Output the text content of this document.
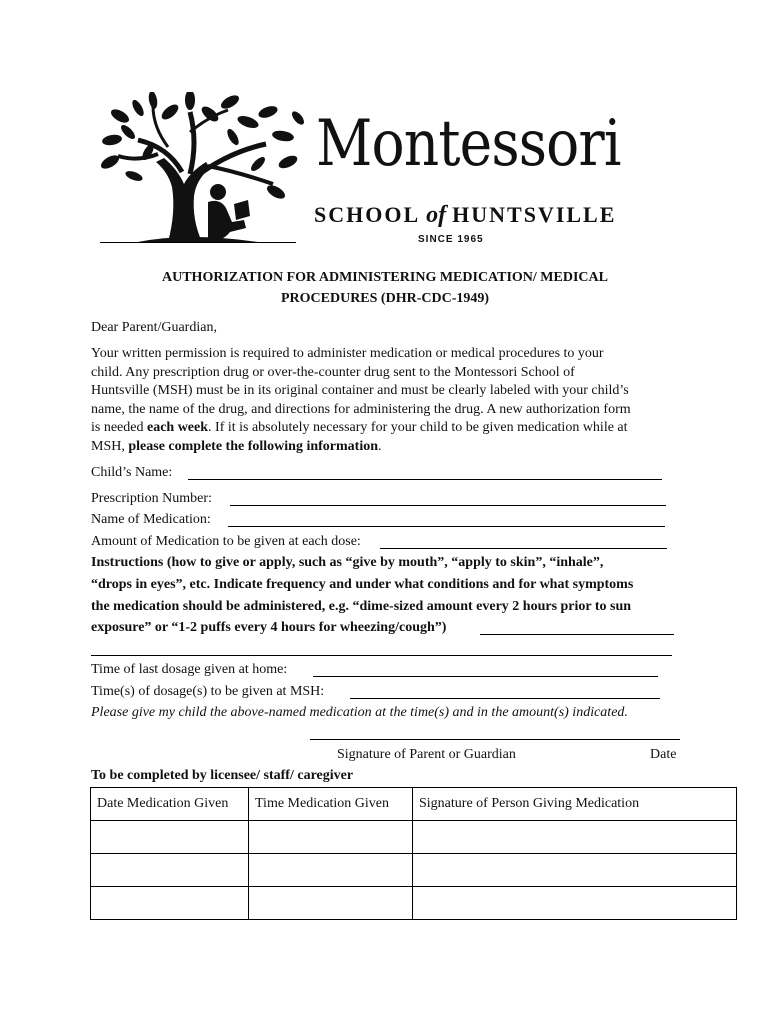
Montessori
SCHOOL of HUNTSVILLE
SINCE 1965
AUTHORIZATION FOR ADMINISTERING MEDICATION/ MEDICAL
PROCEDURES (DHR-CDC-1949)
Dear Parent/Guardian,
Your written permission is required to administer medication or medical procedures to your
child. Any prescription drug or over-the-counter drug sent to the Montessori School of
Huntsville (MSH) must be in its original container and must be clearly labeled with your child’s
name, the name of the drug, and directions for administering the drug. A new authorization form
is needed each week. If it is absolutely necessary for your child to be given medication while at
MSH, please complete the following information.
Child’s Name:
Prescription Number:
Name of Medication:
Amount of Medication to be given at each dose:
Instructions (how to give or apply, such as “give by mouth”, “apply to skin”, “inhale”,
“drops in eyes”, etc. Indicate frequency and under what conditions and for what symptoms
the medication should be administered, e.g. “dime-sized amount every 2 hours prior to sun
exposure” or “1-2 puffs every 4 hours for wheezing/cough”)
Time of last dosage given at home:
Time(s) of dosage(s) to be given at MSH:
Please give my child the above-named medication at the time(s) and in the amount(s) indicated.
Signature of Parent or Guardian	Date
To be completed by licensee/ staff/ caregiver
Date Medication Given	Time Medication Given	Signature of Person Giving Medication
